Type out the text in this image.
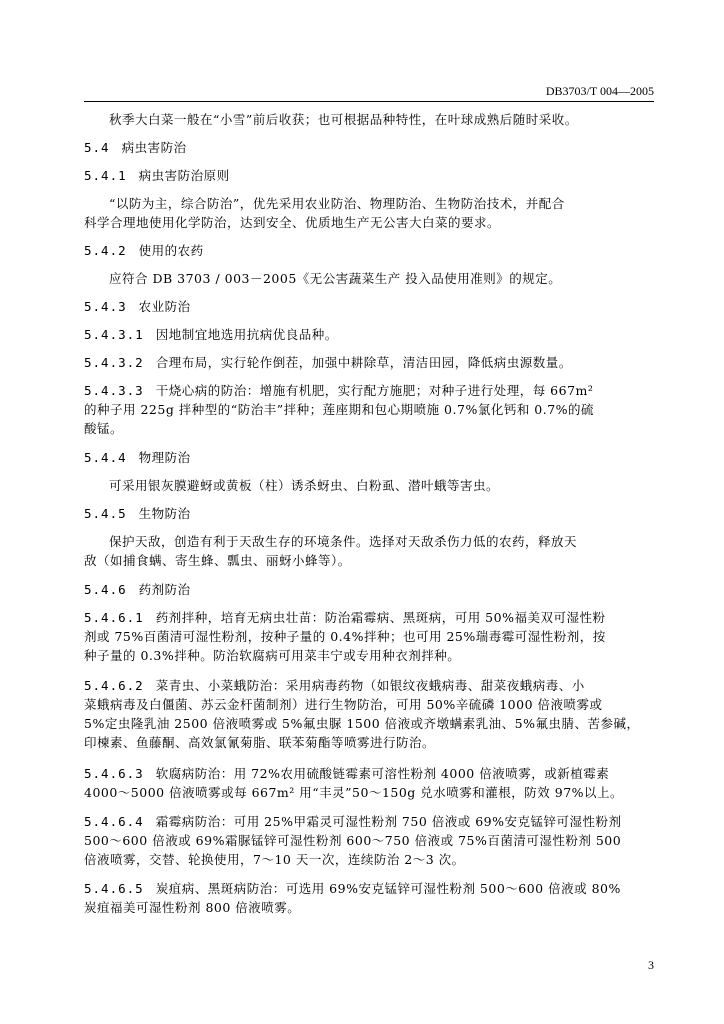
DB3703/T 004—2005
秋季大白菜一般在“小雪”前后收获；也可根据品种特性，在叶球成熟后随时采收。
5.4 病虫害防治
5.4.1 病虫害防治原则
“以防为主，综合防治”，优先采用农业防治、物理防治、生物防治技术，并配合
科学合理地使用化学防治，达到安全、优质地生产无公害大白菜的要求。
5.4.2 使用的农药
应符合 DB 3703 / 003－2005《无公害蔬菜生产 投入品使用准则》的规定。
5.4.3 农业防治
5.4.3.1 因地制宜地选用抗病优良品种。
5.4.3.2 合理布局，实行轮作倒茬，加强中耕除草，清洁田园，降低病虫源数量。
5.4.3.3 干烧心病的防治：增施有机肥，实行配方施肥；对种子进行处理，每 667m²
的种子用 225g 拌种型的“防治丰”拌种；莲座期和包心期喷施 0.7%氯化钙和 0.7%的硫
酸锰。
5.4.4 物理防治
可采用银灰膜避蚜或黄板（柱）诱杀蚜虫、白粉虱、潜叶蛾等害虫。
5.4.5 生物防治
保护天敌，创造有利于天敌生存的环境条件。选择对天敌杀伤力低的农药，释放天
敌（如捕食螨、寄生蜂、瓢虫、丽蚜小蜂等）。
5.4.6 药剂防治
5.4.6.1 药剂拌种，培育无病虫壮苗：防治霜霉病、黑斑病，可用 50%福美双可湿性粉
剂或 75%百菌清可湿性粉剂，按种子量的 0.4%拌种；也可用 25%瑞毒霉可湿性粉剂，按
种子量的 0.3%拌种。防治软腐病可用菜丰宁或专用种衣剂拌种。
5.4.6.2 菜青虫、小菜蛾防治：采用病毒药物（如银纹夜蛾病毒、甜菜夜蛾病毒、小
菜蛾病毒及白僵菌、苏云金杆菌制剂）进行生物防治，可用 50%辛硫磷 1000 倍液喷雾或
5%定虫隆乳油 2500 倍液喷雾或 5%氟虫脲 1500 倍液或齐墩螨素乳油、5%氟虫腈、苦参碱，
印楝素、鱼藤酮、高效氯氰菊脂、联苯菊酯等喷雾进行防治。
5.4.6.3 软腐病防治：用 72%农用硫酸链霉素可溶性粉剂 4000 倍液喷雾，或新植霉素
4000～5000 倍液喷雾或每 667m² 用“丰灵”50～150g 兑水喷雾和灌根，防效 97%以上。
5.4.6.4 霜霉病防治：可用 25%甲霜灵可湿性粉剂 750 倍液或 69%安克锰锌可湿性粉剂
500～600 倍液或 69%霜脲锰锌可湿性粉剂 600～750 倍液或 75%百菌清可湿性粉剂 500
倍液喷雾，交替、轮换使用，7～10 天一次，连续防治 2～3 次。
5.4.6.5 炭疽病、黑斑病防治：可选用 69%安克锰锌可湿性粉剂 500～600 倍液或 80%
炭疽福美可湿性粉剂 800 倍液喷雾。
3
